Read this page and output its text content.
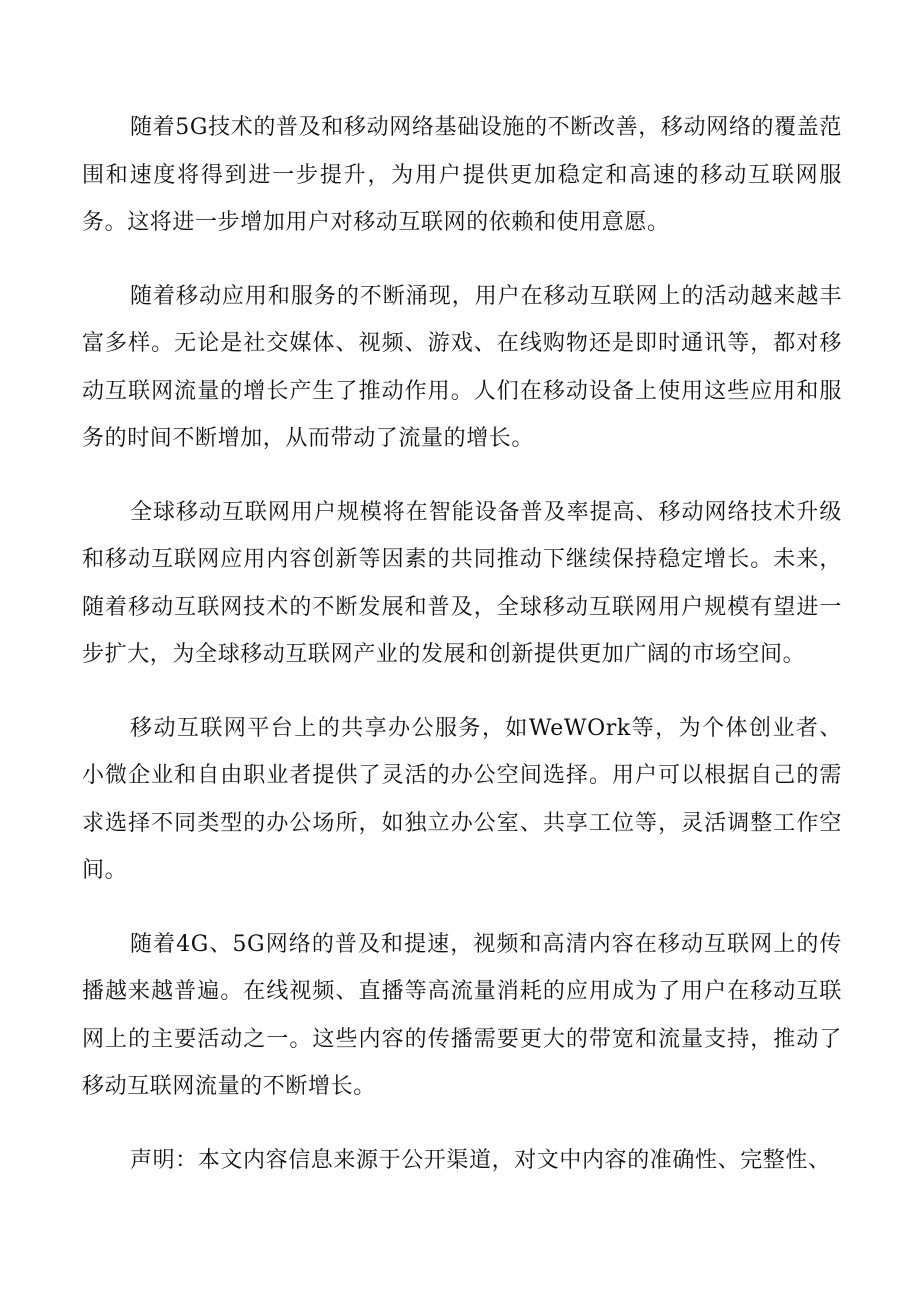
随着5G技术的普及和移动网络基础设施的不断改善，移动网络的覆盖范围和速度将得到进一步提升，为用户提供更加稳定和高速的移动互联网服务。这将进一步增加用户对移动互联网的依赖和使用意愿。

随着移动应用和服务的不断涌现，用户在移动互联网上的活动越来越丰富多样。无论是社交媒体、视频、游戏、在线购物还是即时通讯等，都对移动互联网流量的增长产生了推动作用。人们在移动设备上使用这些应用和服务的时间不断增加，从而带动了流量的增长。

全球移动互联网用户规模将在智能设备普及率提高、移动网络技术升级和移动互联网应用内容创新等因素的共同推动下继续保持稳定增长。未来，随着移动互联网技术的不断发展和普及，全球移动互联网用户规模有望进一步扩大，为全球移动互联网产业的发展和创新提供更加广阔的市场空间。

移动互联网平台上的共享办公服务，如WeWOrk等，为个体创业者、小微企业和自由职业者提供了灵活的办公空间选择。用户可以根据自己的需求选择不同类型的办公场所，如独立办公室、共享工位等，灵活调整工作空间。

随着4G、5G网络的普及和提速，视频和高清内容在移动互联网上的传播越来越普遍。在线视频、直播等高流量消耗的应用成为了用户在移动互联网上的主要活动之一。这些内容的传播需要更大的带宽和流量支持，推动了移动互联网流量的不断增长。

声明：本文内容信息来源于公开渠道，对文中内容的准确性、完整性、
